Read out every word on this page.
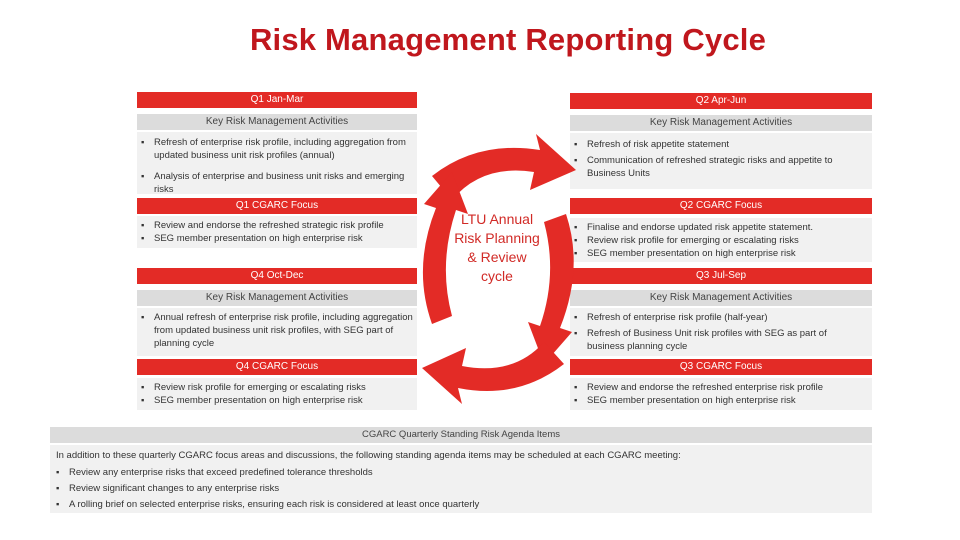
Risk Management Reporting Cycle
Q1 Jan-Mar
Key Risk Management Activities
▪ Refresh of enterprise risk profile, including aggregation from updated business unit risk profiles (annual)
▪ Analysis of enterprise and business unit risks and emerging risks
Q1 CGARC Focus
▪ Review and endorse the refreshed strategic risk profile
▪ SEG member presentation on high enterprise risk
Q2 Apr-Jun
Key Risk Management Activities
▪ Refresh of risk appetite statement
▪ Communication of refreshed strategic risks and appetite to Business Units
Q2 CGARC Focus
▪ Finalise and endorse updated risk appetite statement.
▪ Review risk profile for emerging or escalating risks
▪ SEG member presentation on high enterprise risk
Q4 Oct-Dec
Key Risk Management Activities
▪ Annual refresh of enterprise risk profile, including aggregation from updated business unit risk profiles, with SEG part of planning cycle
Q4 CGARC Focus
▪ Review risk profile for emerging or escalating risks
▪ SEG member presentation on high enterprise risk
Q3 Jul-Sep
Key Risk Management Activities
▪ Refresh of enterprise risk profile (half-year)
▪ Refresh of Business Unit risk profiles with SEG as part of business planning cycle
Q3 CGARC Focus
▪ Review and endorse the refreshed enterprise risk profile
▪ SEG member presentation on high enterprise risk
LTU Annual
Risk Planning
& Review
cycle
CGARC Quarterly Standing Risk Agenda Items
In addition to these quarterly CGARC focus areas and discussions, the following standing agenda items may be scheduled at each CGARC meeting:
▪ Review any enterprise risks that exceed predefined tolerance thresholds
▪ Review significant changes to any enterprise risks
▪ A rolling brief on selected enterprise risks, ensuring each risk is considered at least once quarterly
